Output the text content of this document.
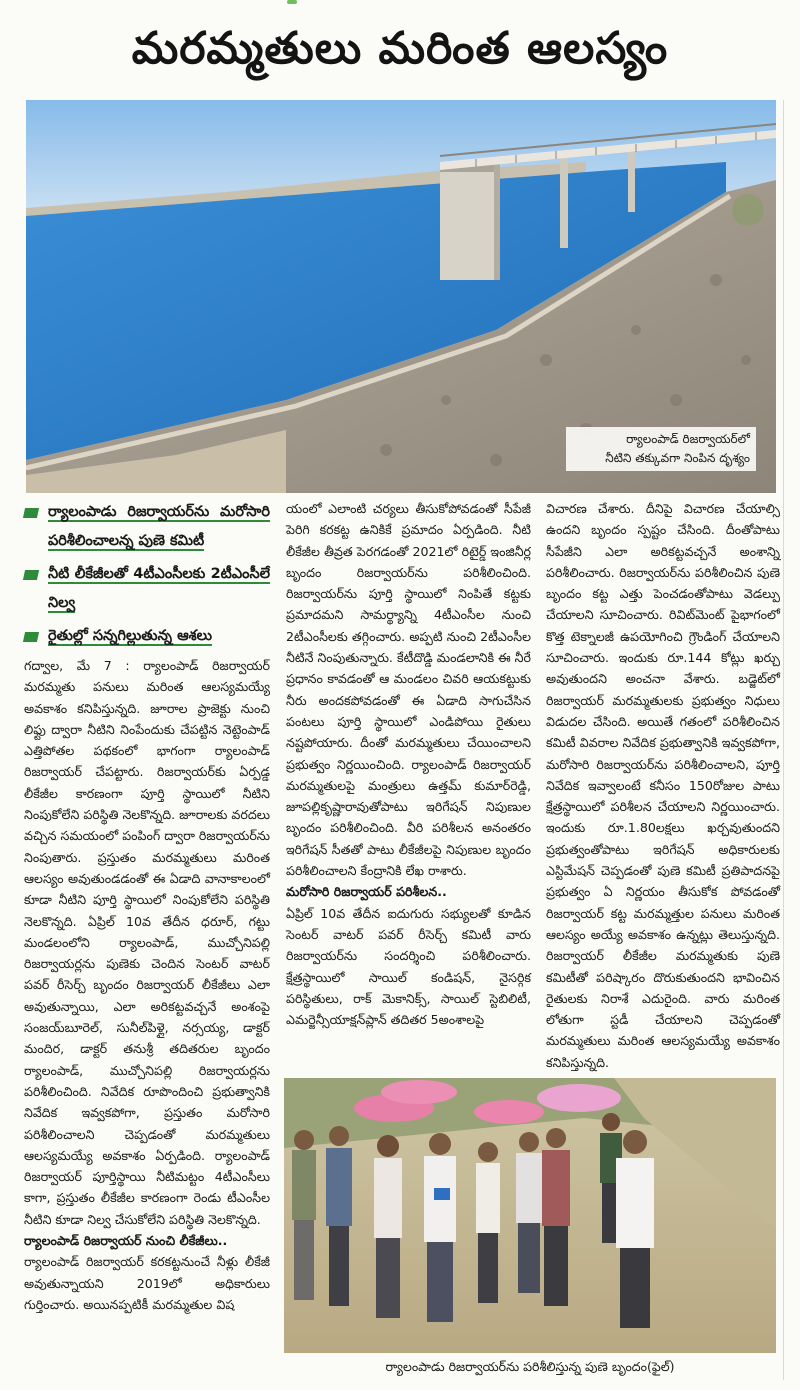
మరమ్మతులు మరింత ఆలస్యం
ర్యాలంపాడ్ రిజర్వాయర్‌లో
నీటిని తక్కువగా నింపిన దృశ్యం
ర్యాలంపాడు రిజర్వాయర్‌ను మరోసారి పరిశీలించాలన్న పుణె కమిటీ
నీటి లీకేజీలతో 4టీఎంసీలకు 2టీఎంసీలే నిల్వ
రైతుల్లో సన్నగిల్లుతున్న ఆశలు

గద్వాల, మే 7 : ర్యాలంపాడ్ రిజర్వాయర్ మరమ్మతు పనులు మరింత ఆలస్యమయ్యే అవకాశం కనిపిస్తున్నది. జూరాల ప్రాజెక్టు నుంచి లిఫ్టు ద్వారా నీటిని నింపేందుకు చేపట్టిన నెట్టెంపాడ్ ఎత్తిపోతల పథకంలో భాగంగా ర్యాలంపాడ్ రిజర్వాయర్ చేపట్టారు. రిజర్వాయర్‌కు ఏర్పడ్డ లీకేజీల కారణంగా పూర్తి స్థాయిలో నీటిని నింపుకోలేని పరిస్థితి నెలకొన్నది. జూరాలకు వరదలు వచ్చిన సమయంలో పంపింగ్ ద్వారా రిజర్వాయర్‌ను నింపుతారు. ప్రస్తుతం మరమ్మతులు మరింత ఆలస్యం అవుతుండడంతో ఈ ఏడాది వానాకాలంలో కూడా నీటిని పూర్తి స్థాయిలో నింపుకోలేని పరిస్థితి నెలకొన్నది. ఏప్రిల్ 10వ తేదీన ధరూర్, గట్టు మండలంలోని ర్యాలంపాడ్, ముచ్చోనిపల్లి రిజర్వాయర్లను పుణెకు చెందిన సెంటర్ వాటర్ పవర్ రీసెర్చ్ బృందం రిజర్వాయర్ లీకేజీలు ఎలా అవుతున్నాయి, ఎలా అరికట్టవచ్చనే అంశంపై సంజయ్‌బూరెల్, సునీల్‌పిళ్లై, నర్సయ్య, డాక్టర్ మందిర, డాక్టర్ తనుశ్రీ తదితరుల బృందం ర్యాలంపాడ్, ముచ్చోనిపల్లి రిజర్వాయర్లను పరిశీలించింది. నివేదిక రూపొందించి ప్రభుత్వానికి నివేదిక ఇవ్వకపోగా, ప్రస్తుతం మరోసారి పరిశీలించాలని చెప్పడంతో మరమ్మతులు ఆలస్యమయ్యే అవకాశం ఏర్పడింది. ర్యాలంపాడ్ రిజర్వాయర్ పూర్తిస్థాయి నీటిమట్టం 4టీఎంసీలు కాగా, ప్రస్తుతం లీకేజీల కారణంగా రెండు టీఎంసీల నీటిని కూడా నిల్వ చేసుకోలేని పరిస్థితి నెలకొన్నది.

ర్యాలంపాడ్ రిజర్వాయర్ నుంచి లీకేజీలు..

ర్యాలంపాడ్ రిజర్వాయర్ కరకట్టనుంచే నీళ్లు లీకేజీ అవుతున్నాయని 2019లో అధికారులు గుర్తించారు. అయినప్పటికీ మరమ్మతుల విష

యంలో ఎలాంటి చర్యలు తీసుకోపోవడంతో సీపేజీ పెరిగి కరకట్ట ఉనికికే ప్రమాదం ఏర్పడింది. నీటి లీకేజీల తీవ్రత పెరగడంతో 2021లో రిటైర్డ్ ఇంజినీర్ల బృందం రిజర్వాయర్‌ను పరిశీలించింది. రిజర్వాయర్‌ను పూర్తి స్థాయిలో నింపితే కట్టకు ప్రమాదమని సామర్థ్యాన్ని 4టీఎంసీల నుంచి 2టీఎంసీలకు తగ్గించారు. అప్పటి నుంచి 2టీఎంసీల నీటినే నింపుతున్నారు. కేటీదొడ్డి మండలానికి ఈ నీరే ప్రధానం కావడంతో ఆ మండలం చివరి ఆయకట్టుకు నీరు అందకపోవడంతో ఈ ఏడాది సాగుచేసిన పంటలు పూర్తి స్థాయిలో ఎండిపోయి రైతులు నష్టపోయారు. దీంతో మరమ్మతులు చేయించాలని ప్రభుత్వం నిర్ణయించింది. ర్యాలంపాడ్ రిజర్వాయర్ మరమ్మతులపై మంత్రులు ఉత్తమ్ కుమార్‌రెడ్డి, జూపల్లికృష్ణారావుతోపాటు ఇరిగేషన్ నిపుణుల బృందం పరిశీలించింది. వీరి పరిశీలన అనంతరం ఇరిగేషన్ సీతతో పాటు లీకేజీలపై నిపుణుల బృందం పరిశీలించాలని కేంద్రానికి లేఖ రాశారు.

మరోసారి రిజర్వాయర్ పరిశీలన..

ఏప్రిల్ 10వ తేదీన ఐదుగురు సభ్యులతో కూడిన సెంటర్ వాటర్ పవర్ రీసెర్చ్ కమిటీ వారు రిజర్వాయర్‌ను సందర్శించి పరిశీలించారు. క్షేత్రస్థాయిలో సాయిల్ కండిషన్, నైసర్గిక పరిస్థితులు, రాక్ మెకానిక్స్, సాయిల్ స్టెబిలిటీ, ఎమర్జెన్సీయాక్షన్‌ప్లాన్ తదితర 5అంశాలపై

విచారణ చేశారు. దీనిపై విచారణ చేయాల్సి ఉందని బృందం స్పష్టం చేసింది. దీంతోపాటు సీపేజీని ఎలా అరికట్టవచ్చనే అంశాన్ని పరిశీలించారు. రిజర్వాయర్‌ను పరిశీలించిన పుణె బృందం కట్ట ఎత్తు పెంచడంతోపాటు వెడల్పు చేయాలని సూచించారు. రివిట్‌మెంట్ పైభాగంలో కొత్త టెక్నాలజీ ఉపయోగించి గ్రౌండింగ్ చేయాలని సూచించారు. ఇందుకు రూ.144 కోట్లు ఖర్చు అవుతుందని అంచనా వేశారు. బడ్జెట్‌లో రిజర్వాయర్ మరమ్మతులకు ప్రభుత్వం నిధులు విడుదల చేసింది. అయితే గతంలో పరిశీలించిన కమిటీ వివరాల నివేదిక ప్రభుత్వానికి ఇవ్వకపోగా, మరోసారి రిజర్వాయర్‌ను పరిశీలించాలని, పూర్తి నివేదిక ఇవ్వాలంటే కనీసం 150రోజుల పాటు క్షేత్రస్థాయిలో పరిశీలన చేయాలని నిర్ణయించారు. ఇందుకు రూ.1.80లక్షలు ఖర్చవుతుందని ప్రభుత్వంతోపాటు ఇరిగేషన్ అధికారులకు ఎస్టిమేషన్ చెప్పడంతో పుణె కమిటీ ప్రతిపాదనపై ప్రభుత్వం ఏ నిర్ణయం తీసుకోక పోవడంతో రిజర్వాయర్ కట్ట మరమ్మత్తుల పనులు మరింత ఆలస్యం అయ్యే అవకాశం ఉన్నట్లు తెలుస్తున్నది. రిజర్వాయర్ లీకేజీల మరమ్మతుకు పుణె కమిటీతో పరిష్కారం దొరుకుతుందని భావించిన రైతులకు నిరాశే ఎదురైంది. వారు మరింత లోతుగా స్టడీ చేయాలని చెప్పడంతో మరమ్మతులు మరింత ఆలస్యమయ్యే అవకాశం కనిపిస్తున్నది.

ర్యాలంపాడు రిజర్వాయర్‌ను పరిశీలిస్తున్న పుణె బృందం(ఫైల్)
